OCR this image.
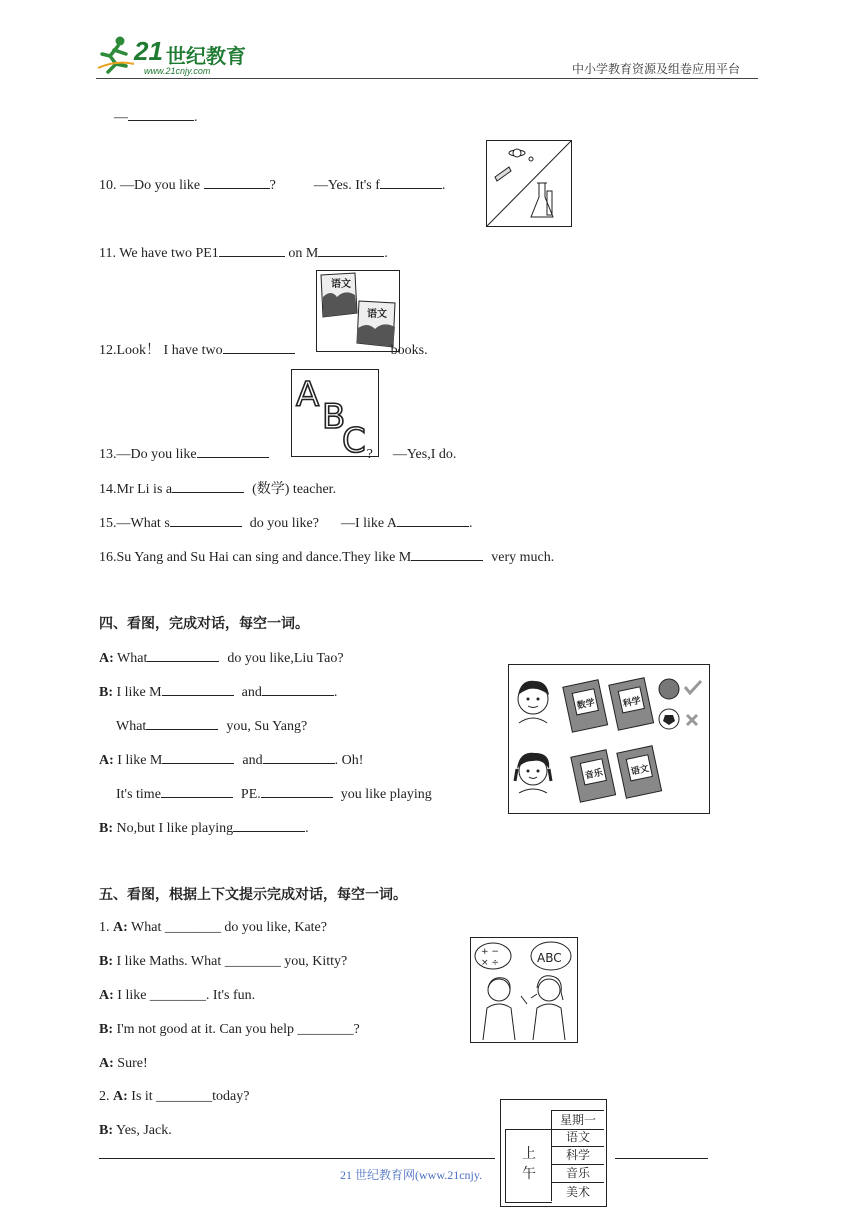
21 世纪教育
www.21cnjy.com	中小学教育资源及组卷应用平台
—	.
10. —Do you like	?	—Yes. It's f	.
11. We have two PE1	on M	.
语文
语文
12.Look！ I have two	books.
A
B
C
13.—Do you like	? —Yes,I do.
14.Mr Li is a	(数学) teacher.
15.—What s	do you like? —I like A	.
16.Su Yang and Su Hai can sing and dance.They like M	very much.
四、看图，完成对话，每空一词。
A: What	do you like,Liu Tao?
B: I like M	and	.
What	you, Su Yang?
A: I like M	and	. Oh!
It's time	PE.	you like playing
B: No,but I like playing	.
数学	科学
音乐	语文
五、看图，根据上下文提示完成对话，每空一词。
1. A: What ________ do you like, Kate?
B: I like Maths. What ________ you, Kitty?
A: I like ________. It's fun.
B: I'm not good at it. Can you help ________?
A: Sure!
2. A: Is it ________today?
B: Yes, Jack.
+ −
× ÷	ABC
星期一
上午
语文
科学
音乐
美术
21 世纪教育网(www.21cnjy.
